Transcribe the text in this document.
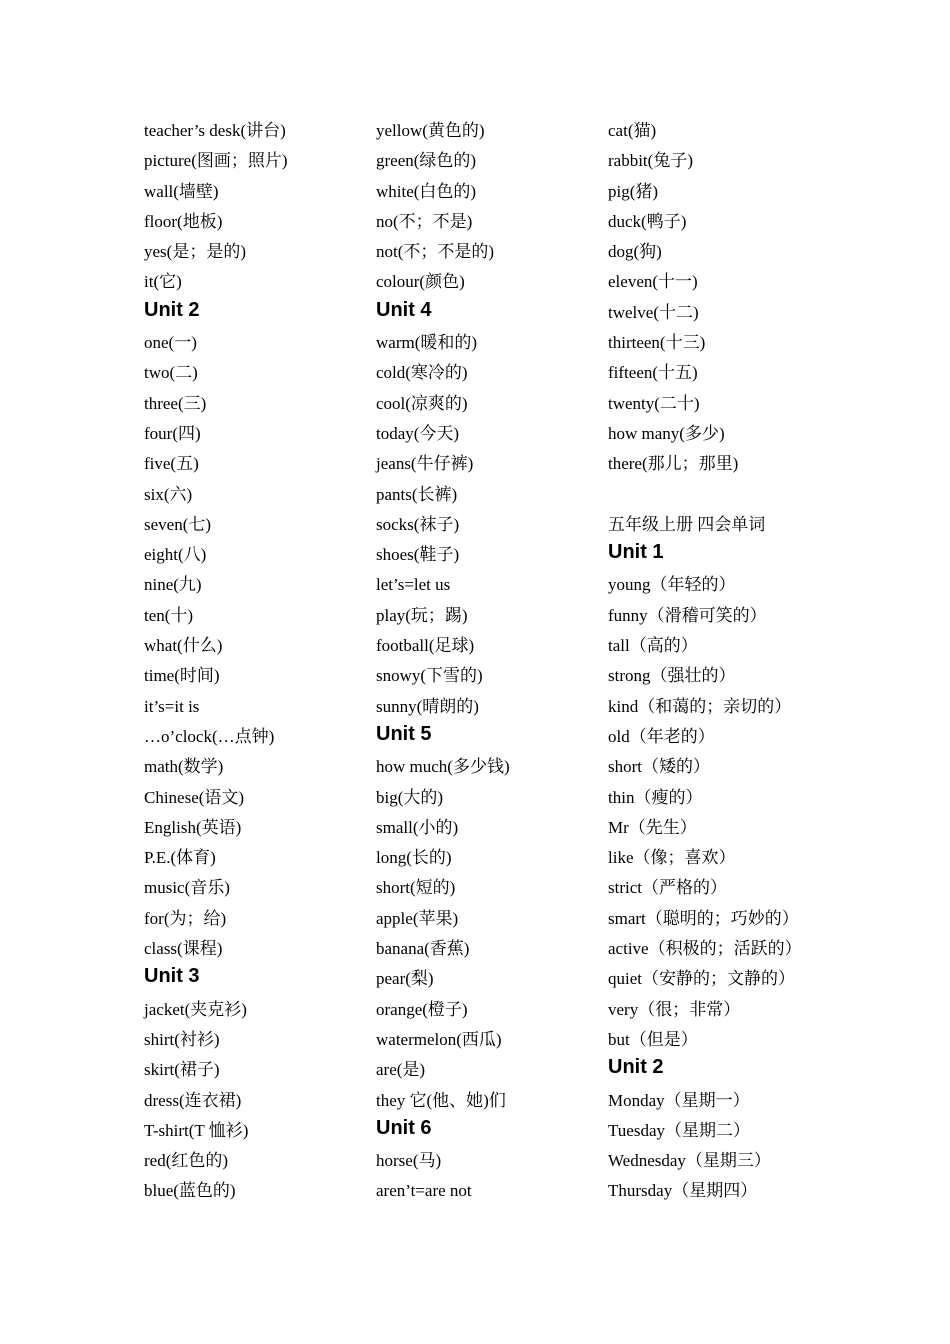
teacher’s desk(讲台)
picture(图画；照片)
wall(墙壁)
floor(地板)
yes(是；是的)
it(它)
Unit 2
one(一)
two(二)
three(三)
four(四)
five(五)
six(六)
seven(七)
eight(八)
nine(九)
ten(十)
what(什么)
time(时间)
it’s=it is
…o’clock(…点钟)
math(数学)
Chinese(语文)
English(英语)
P.E.(体育)
music(音乐)
for(为；给)
class(课程)
Unit 3
jacket(夹克衫)
shirt(衬衫)
skirt(裙子)
dress(连衣裙)
T-shirt(T 恤衫)
red(红色的)
blue(蓝色的)
yellow(黄色的)
green(绿色的)
white(白色的)
no(不；不是)
not(不；不是的)
colour(颜色)
Unit 4
warm(暖和的)
cold(寒冷的)
cool(凉爽的)
today(今天)
jeans(牛仔裤)
pants(长裤)
socks(袜子)
shoes(鞋子)
let’s=let us
play(玩；踢)
football(足球)
snowy(下雪的)
sunny(晴朗的)
Unit 5
how much(多少钱)
big(大的)
small(小的)
long(长的)
short(短的)
apple(苹果)
banana(香蕉)
pear(梨)
orange(橙子)
watermelon(西瓜)
are(是)
they 它(他、她)们
Unit 6
horse(马)
aren’t=are not
cat(猫)
rabbit(兔子)
pig(猪)
duck(鸭子)
dog(狗)
eleven(十一)
twelve(十二)
thirteen(十三)
fifteen(十五)
twenty(二十)
how many(多少)
there(那儿；那里)
五年级上册 四会单词
Unit 1
young（年轻的）
funny（滑稽可笑的）
tall（高的）
strong（强壮的）
kind（和蔼的；亲切的）
old（年老的）
short（矮的）
thin（瘦的）
Mr（先生）
like（像；喜欢）
strict（严格的）
smart（聪明的；巧妙的）
active（积极的；活跃的）
quiet（安静的；文静的）
very（很；非常）
but（但是）
Unit 2
Monday（星期一）
Tuesday（星期二）
Wednesday（星期三）
Thursday（星期四）
